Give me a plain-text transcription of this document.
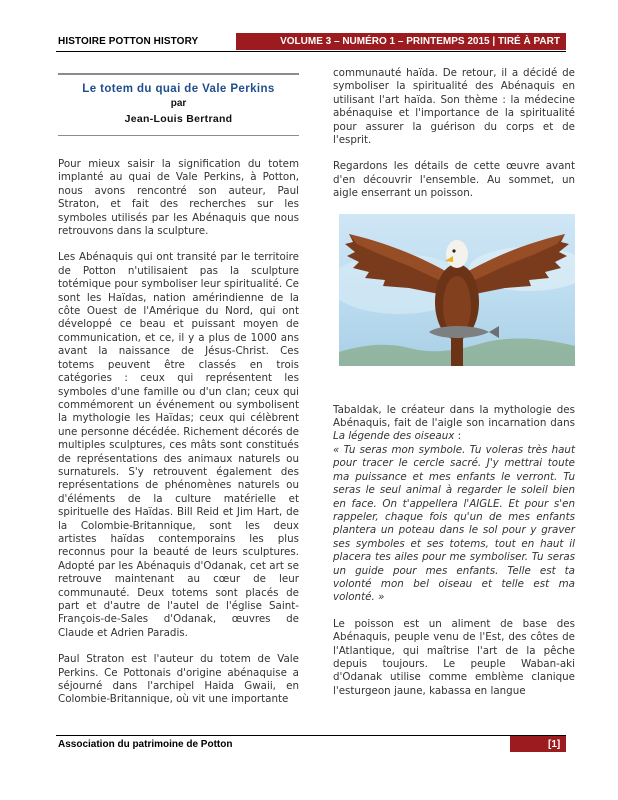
HISTOIRE POTTON HISTORY	VOLUME 3 – NUMÉRO 1 – PRINTEMPS 2015 | TIRÉ À PART
Le totem du quai de Vale Perkins
par
Jean-Louis Bertrand

Pour mieux saisir la signification du totem implanté au quai de Vale Perkins, à Potton, nous avons rencontré son auteur, Paul Straton, et fait des recherches sur les symboles utilisés par les Abénaquis que nous retrouvons dans la sculpture.

Les Abénaquis qui ont transité par le territoire de Potton n'utilisaient pas la sculpture totémique pour symboliser leur spiritualité. Ce sont les Haïdas, nation amérindienne de la côte Ouest de l'Amérique du Nord, qui ont développé ce beau et puissant moyen de communication, et ce, il y a plus de 1000 ans avant la naissance de Jésus-Christ. Ces totems peuvent être classés en trois catégories : ceux qui représentent les symboles d'une famille ou d'un clan; ceux qui commémorent un événement ou symbolisent la mythologie les Haïdas; ceux qui célèbrent une personne décédée. Richement décorés de multiples sculptures, ces mâts sont constitués de représentations des animaux naturels ou surnaturels. S'y retrouvent également des représentations de phénomènes naturels ou d'éléments de la culture matérielle et spirituelle des Haïdas. Bill Reid et Jim Hart, de la Colombie-Britannique, sont les deux artistes haïdas contemporains les plus reconnus pour la beauté de leurs sculptures. Adopté par les Abénaquis d'Odanak, cet art se retrouve maintenant au cœur de leur communauté. Deux totems sont placés de part et d'autre de l'autel de l'église Saint-François-de-Sales d'Odanak, œuvres de Claude et Adrien Paradis.

Paul Straton est l'auteur du totem de Vale Perkins. Ce Pottonais d'origine abénaquise a séjourné dans l'archipel Haida Gwaii, en Colombie-Britannique, où vit une importante

communauté haïda. De retour, il a décidé de symboliser la spiritualité des Abénaquis en utilisant l'art haïda. Son thème : la médecine abénaquise et l'importance de la spiritualité pour assurer la guérison du corps et de l'esprit.

Regardons les détails de cette œuvre avant d'en découvrir l'ensemble. Au sommet, un aigle enserrant un poisson.

Tabaldak, le créateur dans la mythologie des Abénaquis, fait de l'aigle son incarnation dans La légende des oiseaux :
« Tu seras mon symbole. Tu voleras très haut pour tracer le cercle sacré. J'y mettrai toute ma puissance et mes enfants le verront. Tu seras le seul animal à regarder le soleil bien en face. On t'appellera l'AIGLE. Et pour s'en rappeler, chaque fois qu'un de mes enfants plantera un poteau dans le sol pour y graver ses symboles et ses totems, tout en haut il placera tes ailes pour me symboliser. Tu seras un guide pour mes enfants. Telle est ta volonté mon bel oiseau et telle est ma volonté. »

Le poisson est un aliment de base des Abénaquis, peuple venu de l'Est, des côtes de l'Atlantique, qui maîtrise l'art de la pêche depuis toujours. Le peuple Waban-aki d'Odanak utilise comme emblème clanique l'esturgeon jaune, kabassa en langue

Association du patrimoine de Potton	[1]
